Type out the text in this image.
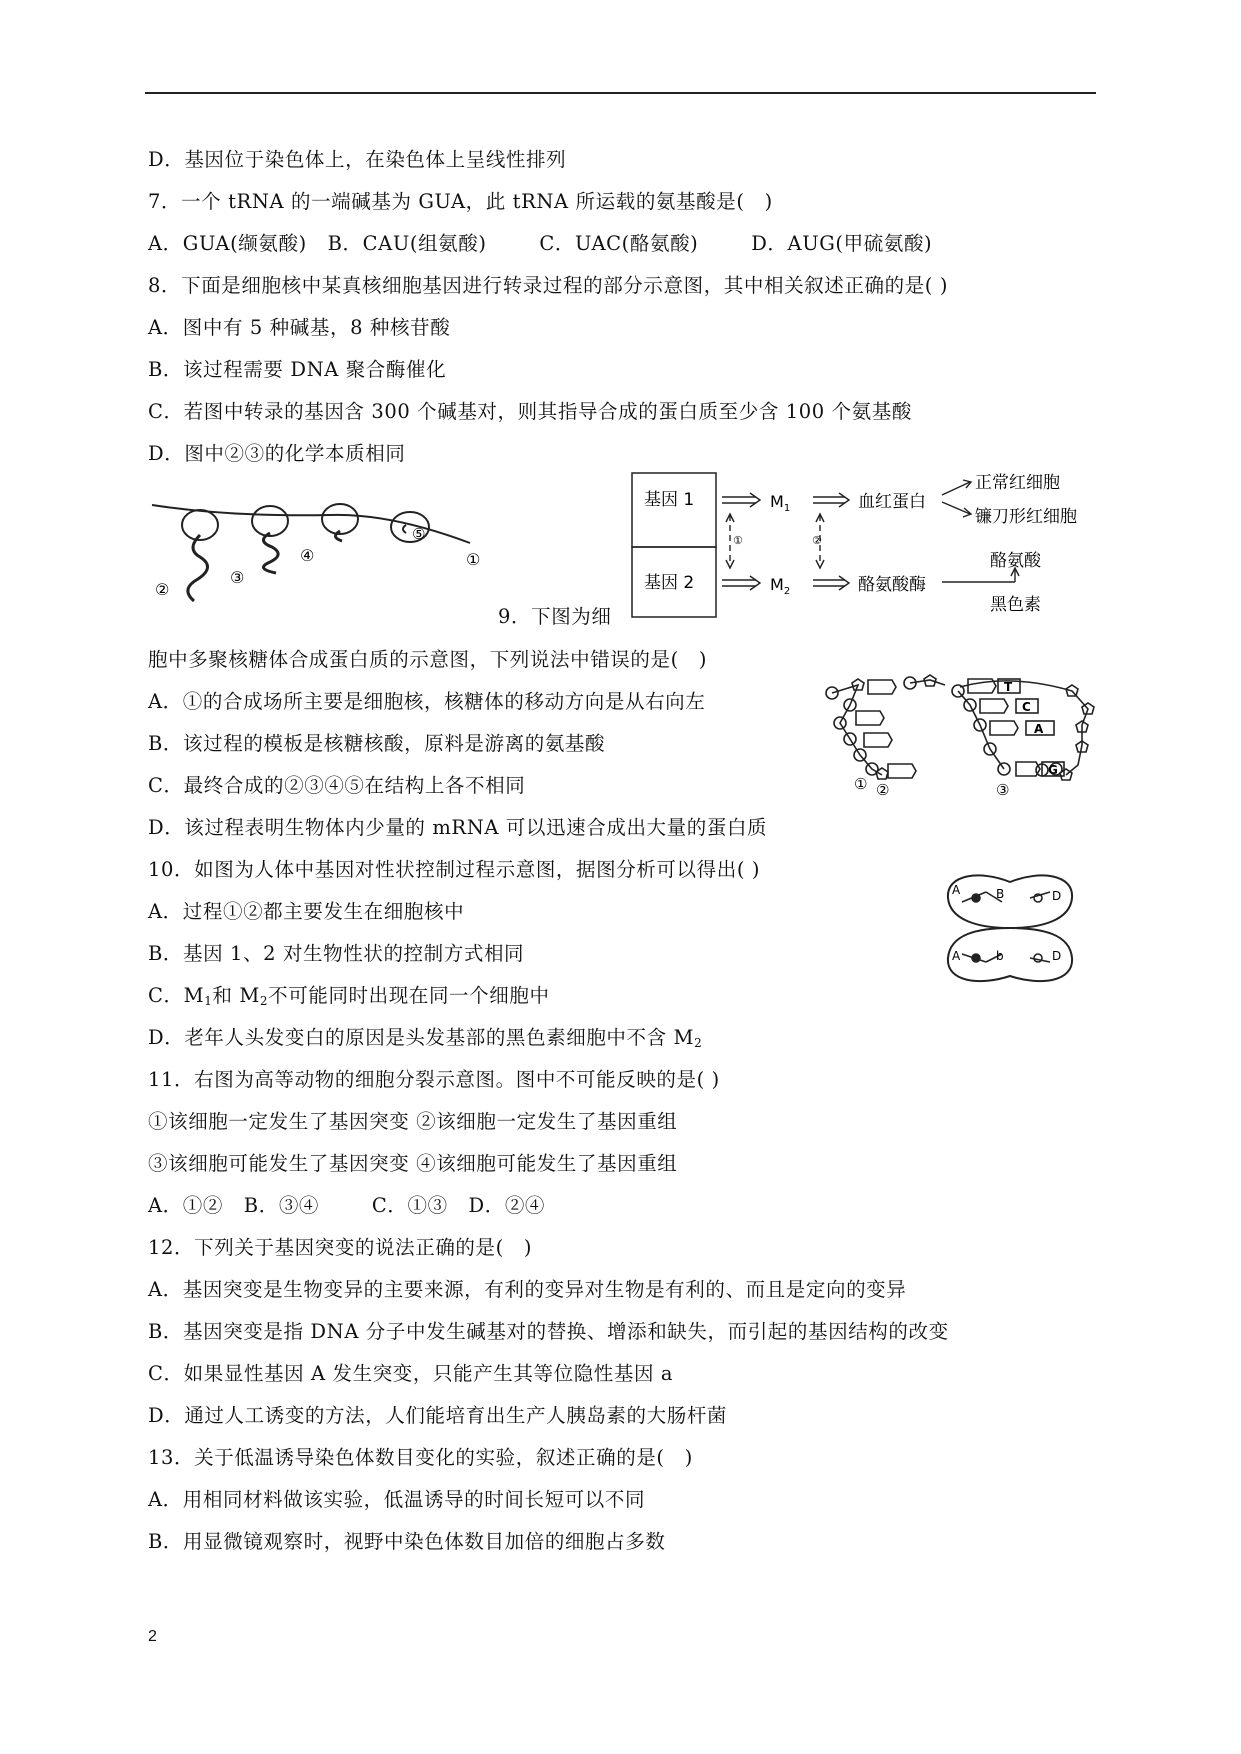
D．基因位于染色体上，在染色体上呈线性排列
7．一个 tRNA 的一端碱基为 GUA，此 tRNA 所运载的氨基酸是(　)
A．GUA(缬氨酸) B．CAU(组氨酸)	C．UAC(酪氨酸)	D．AUG(甲硫氨酸)
8．下面是细胞核中某真核细胞基因进行转录过程的部分示意图，其中相关叙述正确的是( )
A．图中有 5 种碱基，8 种核苷酸
B．该过程需要 DNA 聚合酶催化
C．若图中转录的基因含 300 个碱基对，则其指导合成的蛋白质至少含 100 个氨基酸
D．图中②③的化学本质相同
9．下图为细
胞中多聚核糖体合成蛋白质的示意图，下列说法中错误的是(　)
A．①的合成场所主要是细胞核，核糖体的移动方向是从右向左
B．该过程的模板是核糖核酸，原料是游离的氨基酸
C．最终合成的②③④⑤在结构上各不相同
D．该过程表明生物体内少量的 mRNA 可以迅速合成出大量的蛋白质
10．如图为人体中基因对性状控制过程示意图，据图分析可以得出( )
A．过程①②都主要发生在细胞核中
B．基因 1、2 对生物性状的控制方式相同
C．$M_1$和 $M_2$不可能同时出现在同一个细胞中
D．老年人头发变白的原因是头发基部的黑色素细胞中不含 $M_2$
11．右图为高等动物的细胞分裂示意图。图中不可能反映的是( )
①该细胞一定发生了基因突变 ②该细胞一定发生了基因重组
③该细胞可能发生了基因突变 ④该细胞可能发生了基因重组
A．①② B．③④	C．①③ D．②④
12．下列关于基因突变的说法正确的是(　)
A．基因突变是生物变异的主要来源，有利的变异对生物是有利的、而且是定向的变异
B．基因突变是指 DNA 分子中发生碱基对的替换、增添和缺失，而引起的基因结构的改变
C．如果显性基因 A 发生突变，只能产生其等位隐性基因 a
D．通过人工诱变的方法，人们能培育出生产人胰岛素的大肠杆菌
13．关于低温诱导染色体数目变化的实验，叙述正确的是(　)
A．用相同材料做该实验，低温诱导的时间长短可以不同
B．用显微镜观察时，视野中染色体数目加倍的细胞占多数
2
①
②
③
④
⑤
基因 1
基因 2
$M_1$
$M_2$
①	②
血红蛋白
正常红细胞
镰刀形红细胞
酪氨酸酶
酪氨酸
黑色素
T
C
A
G
① ②	③
A	B	D
A	b	D
